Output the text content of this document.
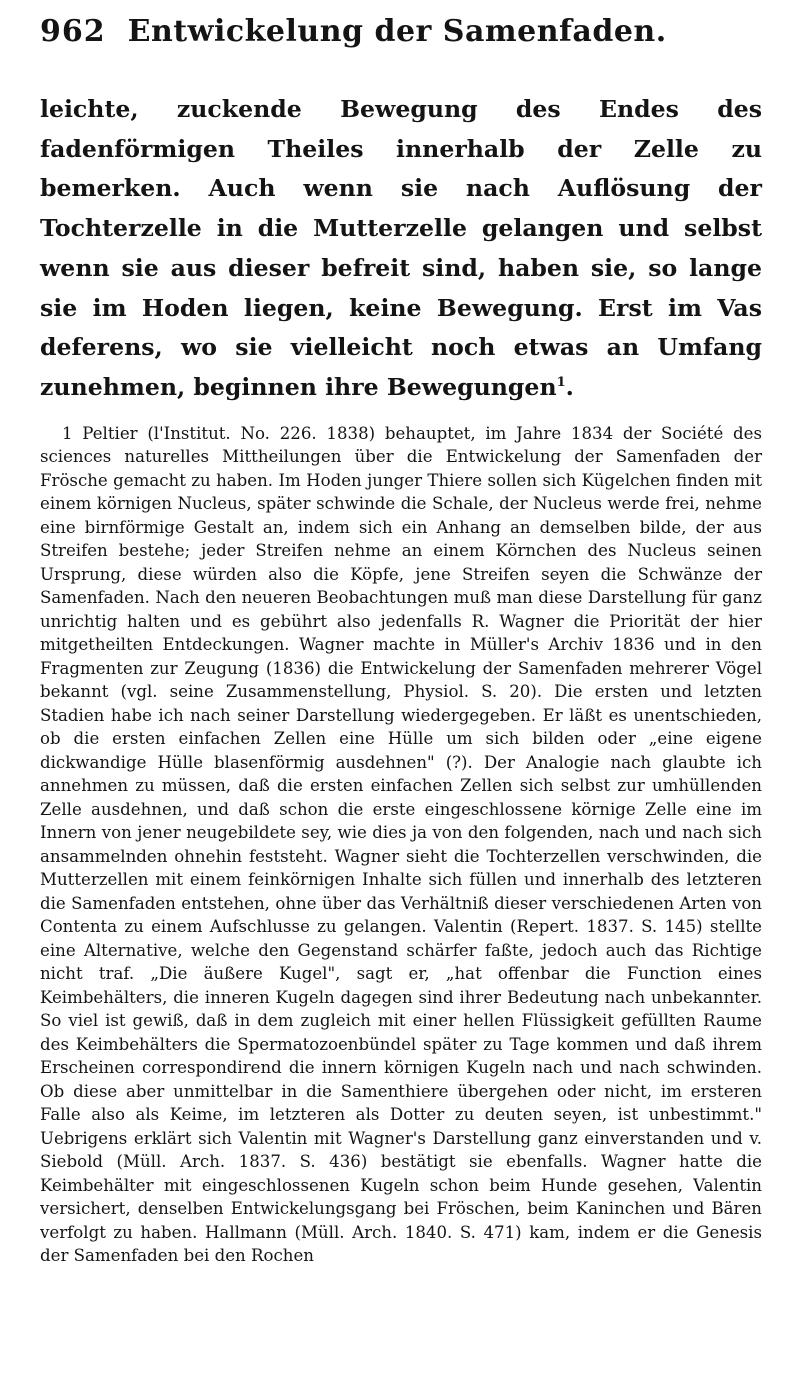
962 Entwickelung der Samenfaden.

leichte, zuckende Bewegung des Endes des fadenförmigen Theiles innerhalb der Zelle zu bemerken. Auch wenn sie nach Auflösung der Tochterzelle in die Mutterzelle gelangen und selbst wenn sie aus dieser befreit sind, haben sie, so lange sie im Hoden liegen, keine Bewegung. Erst im Vas deferens, wo sie vielleicht noch etwas an Umfang zunehmen, beginnen ihre Bewegungen$^1$.

1 Peltier (l'Institut. No. 226. 1838) behauptet, im Jahre 1834 der Société des sciences naturelles Mittheilungen über die Entwickelung der Samenfaden der Frösche gemacht zu haben. Im Hoden junger Thiere sollen sich Kügelchen finden mit einem körnigen Nucleus, später schwinde die Schale, der Nucleus werde frei, nehme eine birnförmige Gestalt an, indem sich ein Anhang an demselben bilde, der aus Streifen bestehe; jeder Streifen nehme an einem Körnchen des Nucleus seinen Ursprung, diese würden also die Köpfe, jene Streifen seyen die Schwänze der Samenfaden. Nach den neueren Beobachtungen muß man diese Darstellung für ganz unrichtig halten und es gebührt also jedenfalls R. Wagner die Priorität der hier mitgetheilten Entdeckungen. Wagner machte in Müller's Archiv 1836 und in den Fragmenten zur Zeugung (1836) die Entwickelung der Samenfaden mehrerer Vögel bekannt (vgl. seine Zusammenstellung, Physiol. S. 20). Die ersten und letzten Stadien habe ich nach seiner Darstellung wiedergegeben. Er läßt es unentschieden, ob die ersten einfachen Zellen eine Hülle um sich bilden oder „eine eigene dickwandige Hülle blasenförmig ausdehnen" (?). Der Analogie nach glaubte ich annehmen zu müssen, daß die ersten einfachen Zellen sich selbst zur umhüllenden Zelle ausdehnen, und daß schon die erste eingeschlossene körnige Zelle eine im Innern von jener neugebildete sey, wie dies ja von den folgenden, nach und nach sich ansammelnden ohnehin feststeht. Wagner sieht die Tochterzellen verschwinden, die Mutterzellen mit einem feinkörnigen Inhalte sich füllen und innerhalb des letzteren die Samenfaden entstehen, ohne über das Verhältniß dieser verschiedenen Arten von Contenta zu einem Aufschlusse zu gelangen. Valentin (Repert. 1837. S. 145) stellte eine Alternative, welche den Gegenstand schärfer faßte, jedoch auch das Richtige nicht traf. „Die äußere Kugel", sagt er, „hat offenbar die Function eines Keimbehälters, die inneren Kugeln dagegen sind ihrer Bedeutung nach unbekannter. So viel ist gewiß, daß in dem zugleich mit einer hellen Flüssigkeit gefüllten Raume des Keimbehälters die Spermatozoenbündel später zu Tage kommen und daß ihrem Erscheinen correspondirend die innern körnigen Kugeln nach und nach schwinden. Ob diese aber unmittelbar in die Samenthiere übergehen oder nicht, im ersteren Falle also als Keime, im letzteren als Dotter zu deuten seyen, ist unbestimmt." Uebrigens erklärt sich Valentin mit Wagner's Darstellung ganz einverstanden und v. Siebold (Müll. Arch. 1837. S. 436) bestätigt sie ebenfalls. Wagner hatte die Keimbehälter mit eingeschlossenen Kugeln schon beim Hunde gesehen, Valentin versichert, denselben Entwickelungsgang bei Fröschen, beim Kaninchen und Bären verfolgt zu haben. Hallmann (Müll. Arch. 1840. S. 471) kam, indem er die Genesis der Samenfaden bei den Rochen
